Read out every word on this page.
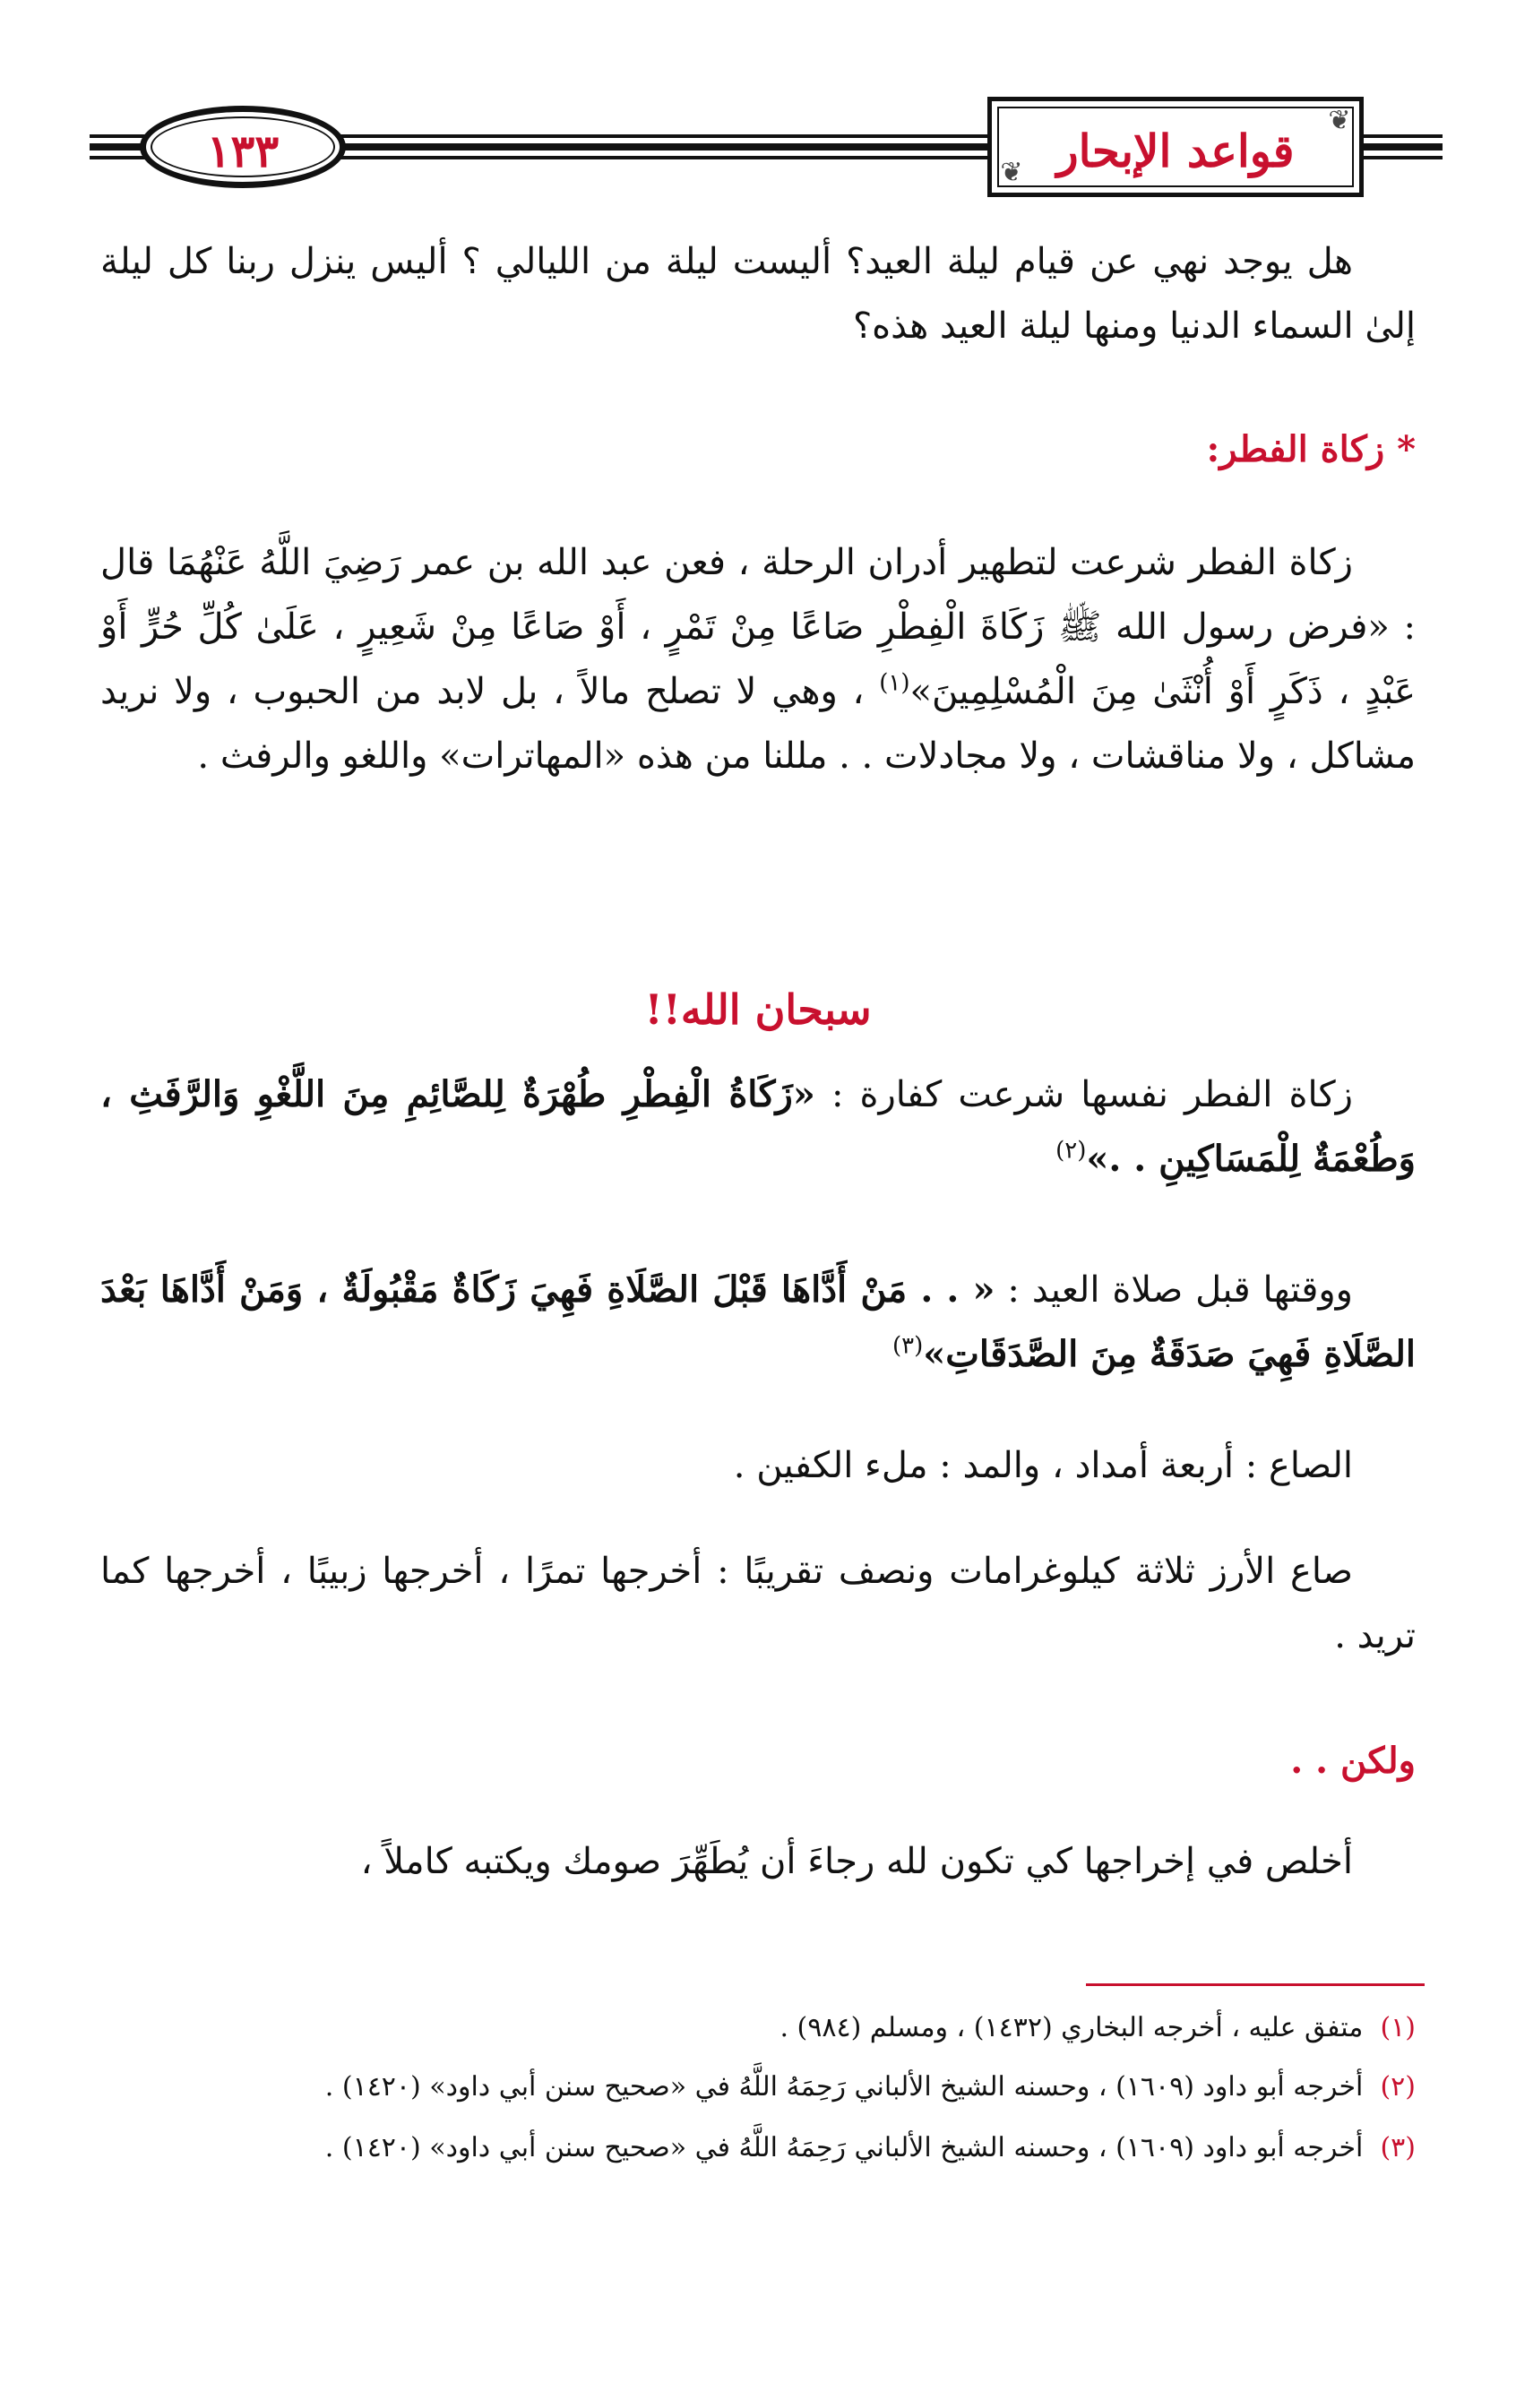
١٣٣
❦
❦ قواعد الإبحار
هل يوجد نهي عن قيام ليلة العيد؟ أليست ليلة من الليالي ؟ أليس ينزل ربنا كل ليلة إلىٰ السماء الدنيا ومنها ليلة العيد هذه؟
* زكاة الفطر:
زكاة الفطر شرعت لتطهير أدران الرحلة ، فعن عبد الله بن عمر رَضِيَ اللَّهُ عَنْهُمَا قال : «فرض رسول الله ﷺ زَكَاةَ الْفِطْرِ صَاعًا مِنْ تَمْرٍ ، أَوْ صَاعًا مِنْ شَعِيرٍ ، عَلَىٰ كُلِّ حُرٍّ أَوْ عَبْدٍ ، ذَكَرٍ أَوْ أُنْثَىٰ مِنَ الْمُسْلِمِينَ»$^{(١)}$ ، وهي لا تصلح مالاً ، بل لابد من الحبوب ، ولا نريد مشاكل ، ولا مناقشات ، ولا مجادلات . . مللنا من هذه «المهاترات» واللغو والرفث .
سبحان الله!!
زكاة الفطر نفسها شرعت كفارة : «زَكَاةُ الْفِطْرِ طُهْرَةٌ لِلصَّائِمِ مِنَ اللَّغْوِ وَالرَّفَثِ ، وَطُعْمَةٌ لِلْمَسَاكِينِ . .»$^{(٢)}$
ووقتها قبل صلاة العيد : « . . مَنْ أَدَّاهَا قَبْلَ الصَّلَاةِ فَهِيَ زَكَاةٌ مَقْبُولَةٌ ، وَمَنْ أَدَّاهَا بَعْدَ الصَّلَاةِ فَهِيَ صَدَقَةٌ مِنَ الصَّدَقَاتِ»$^{(٣)}$
الصاع : أربعة أمداد ، والمد : ملء الكفين .
صاع الأرز ثلاثة كيلوغرامات ونصف تقريبًا : أخرجها تمرًا ، أخرجها زبيبًا ، أخرجها كما تريد .
ولكن . .
أخلص في إخراجها كي تكون لله رجاءَ أن يُطَهِّرَ صومك ويكتبه كاملاً ،
(١)  متفق عليه ، أخرجه البخاري (١٤٣٢) ، ومسلم (٩٨٤) .
(٢)  أخرجه أبو داود (١٦٠٩) ، وحسنه الشيخ الألباني رَحِمَهُ اللَّهُ في «صحيح سنن أبي داود» (١٤٢٠) .
(٣)  أخرجه أبو داود (١٦٠٩) ، وحسنه الشيخ الألباني رَحِمَهُ اللَّهُ في «صحيح سنن أبي داود» (١٤٢٠) .
